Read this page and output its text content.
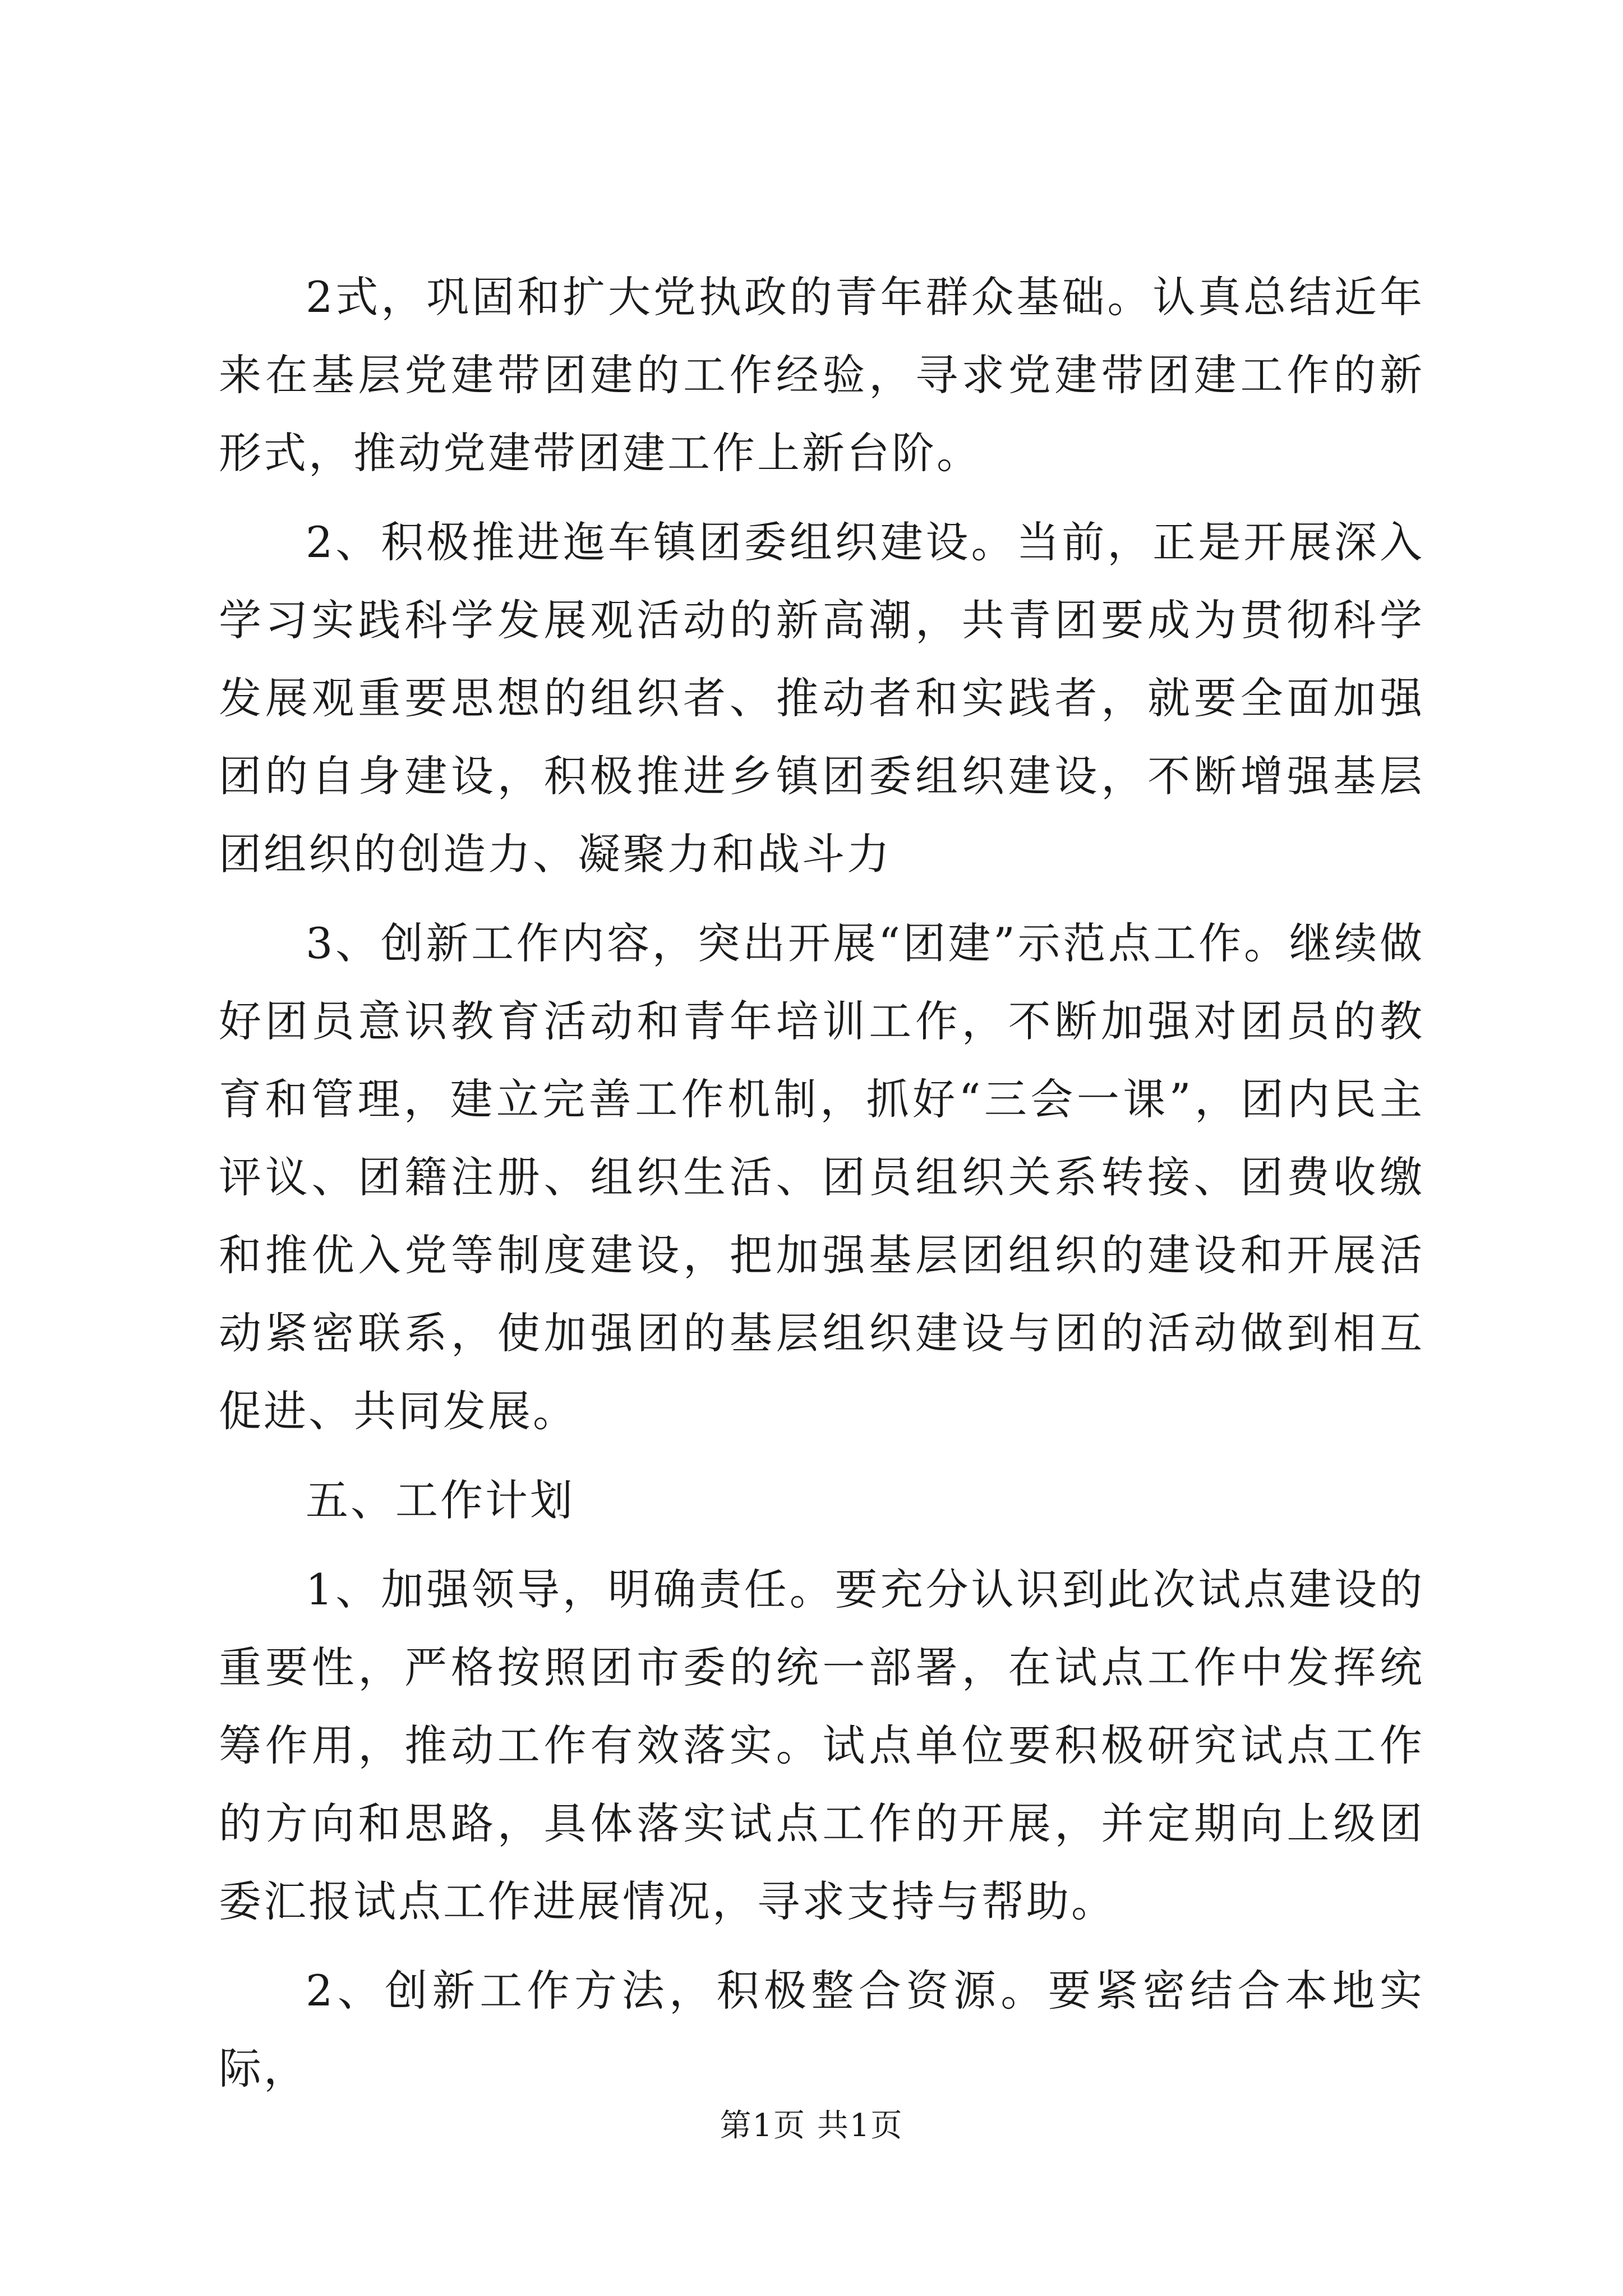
2式，巩固和扩大党执政的青年群众基础。认真总结近年来在基层党建带团建的工作经验，寻求党建带团建工作的新形式，推动党建带团建工作上新台阶。

2、积极推进迤车镇团委组织建设。当前，正是开展深入学习实践科学发展观活动的新高潮，共青团要成为贯彻科学发展观重要思想的组织者、推动者和实践者，就要全面加强团的自身建设，积极推进乡镇团委组织建设，不断增强基层团组织的创造力、凝聚力和战斗力

3、创新工作内容，突出开展“团建”示范点工作。继续做好团员意识教育活动和青年培训工作，不断加强对团员的教育和管理，建立完善工作机制，抓好“三会一课”，团内民主评议、团籍注册、组织生活、团员组织关系转接、团费收缴和推优入党等制度建设，把加强基层团组织的建设和开展活动紧密联系，使加强团的基层组织建设与团的活动做到相互促进、共同发展。

五、工作计划

1、加强领导，明确责任。要充分认识到此次试点建设的重要性，严格按照团市委的统一部署，在试点工作中发挥统筹作用，推动工作有效落实。试点单位要积极研究试点工作的方向和思路，具体落实试点工作的开展，并定期向上级团委汇报试点工作进展情况，寻求支持与帮助。

2、创新工作方法，积极整合资源。要紧密结合本地实际，

第1页 共1页
